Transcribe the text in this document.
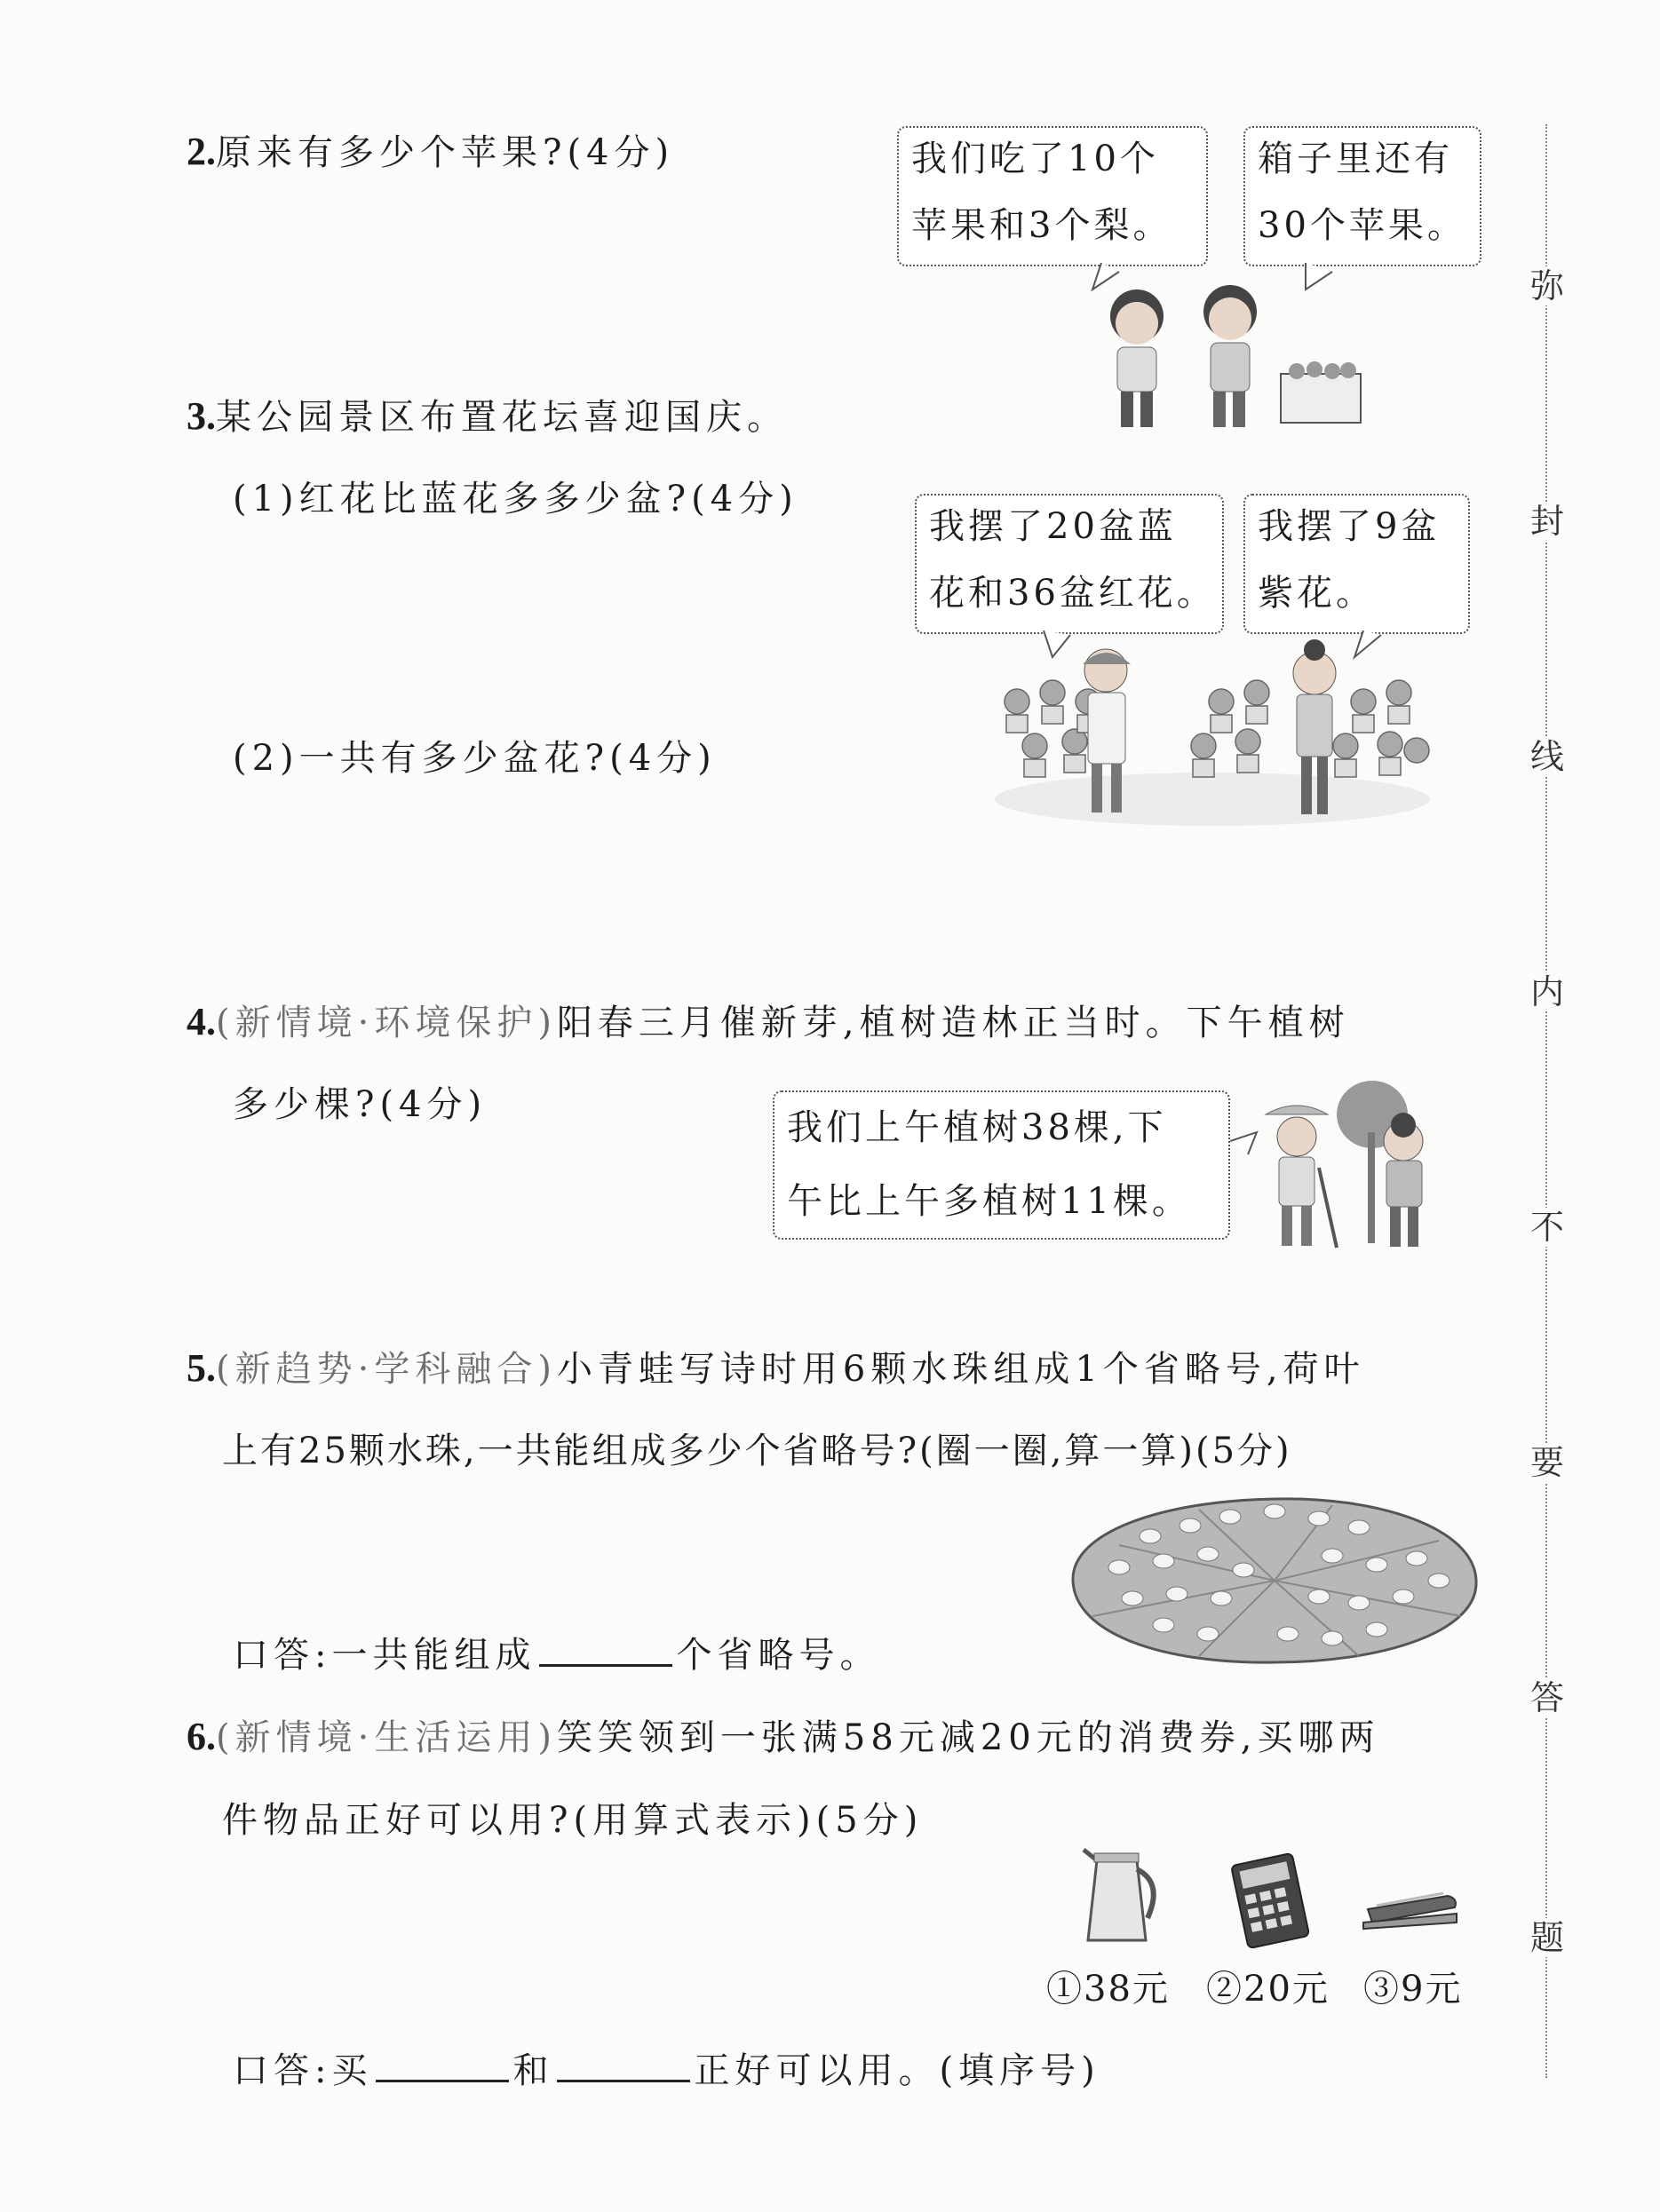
弥
封
线
内
不
要
答
题
2.原来有多少个苹果?(4分)	我们吃了10个
苹果和3个梨。
箱子里还有
30个苹果。
3.某公园景区布置花坛喜迎国庆。
(1)红花比蓝花多多少盆?(4分)
(2)一共有多少盆花?(4分)
我摆了20盆蓝
花和36盆红花。
我摆了9盆
紫花。
4.(新情境·环境保护)阳春三月催新芽,植树造林正当时。下午植树
多少棵?(4分)
我们上午植树38棵,下
午比上午多植树11棵。
5.(新趋势·学科融合)小青蛙写诗时用6颗水珠组成1个省略号,荷叶
上有25颗水珠,一共能组成多少个省略号?(圈一圈,算一算)(5分)
口答:一共能组成	个省略号。
6.(新情境·生活运用)笑笑领到一张满58元减20元的消费券,买哪两
件物品正好可以用?(用算式表示)(5分)
①38元 ②20元 ③9元
口答:买	和	正好可以用。(填序号)
